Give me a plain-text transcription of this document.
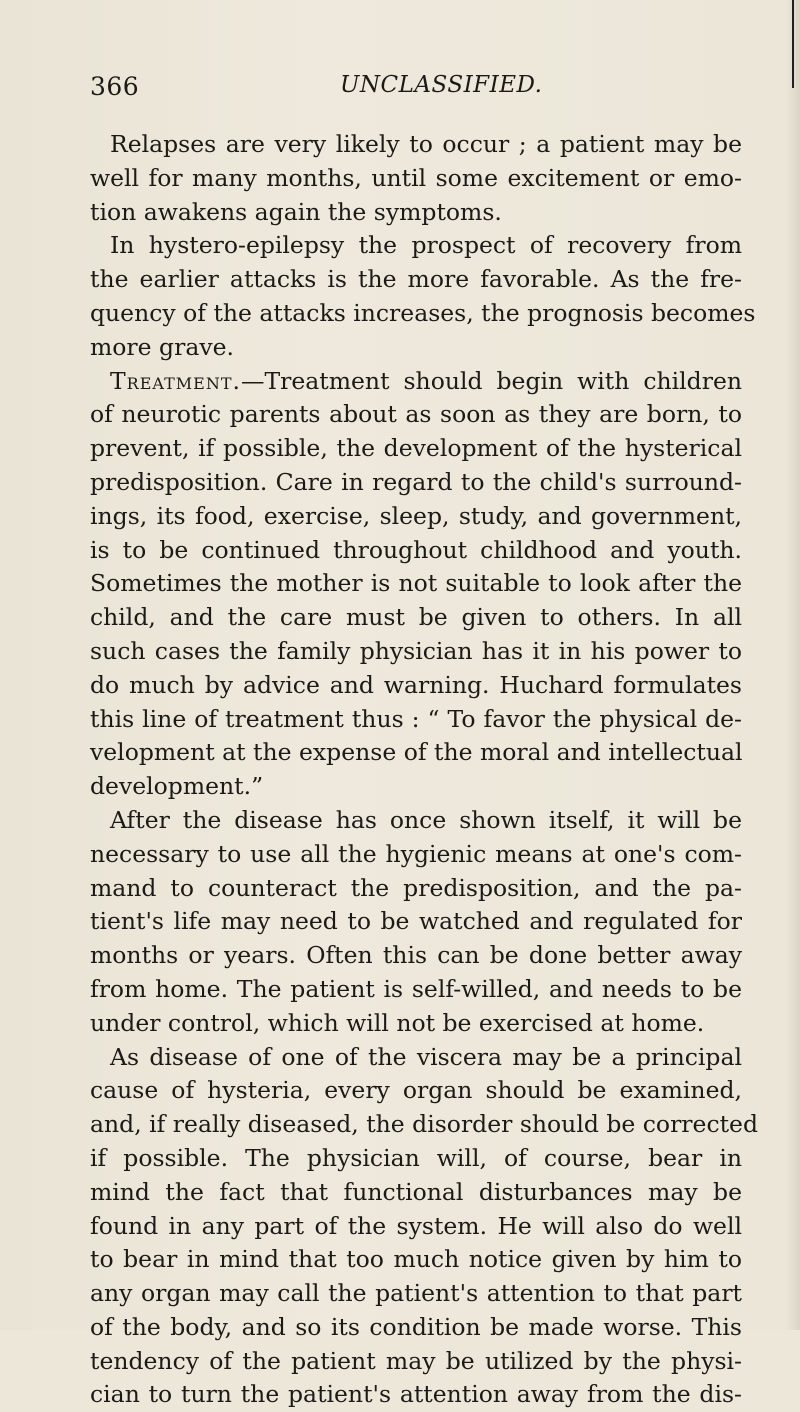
366	UNCLASSIFIED.
Relapses are very likely to occur ; a patient may be
well for many months, until some excitement or emo-
tion awakens again the symptoms.
In hystero-epilepsy the prospect of recovery from
the earlier attacks is the more favorable. As the fre-
quency of the attacks increases, the prognosis becomes
more grave.
Treatment.—Treatment should begin with children
of neurotic parents about as soon as they are born, to
prevent, if possible, the development of the hysterical
predisposition. Care in regard to the child's surround-
ings, its food, exercise, sleep, study, and government,
is to be continued throughout childhood and youth.
Sometimes the mother is not suitable to look after the
child, and the care must be given to others. In all
such cases the family physician has it in his power to
do much by advice and warning. Huchard formulates
this line of treatment thus : “ To favor the physical de-
velopment at the expense of the moral and intellectual
development.”
After the disease has once shown itself, it will be
necessary to use all the hygienic means at one's com-
mand to counteract the predisposition, and the pa-
tient's life may need to be watched and regulated for
months or years. Often this can be done better away
from home. The patient is self-willed, and needs to be
under control, which will not be exercised at home.
As disease of one of the viscera may be a principal
cause of hysteria, every organ should be examined,
and, if really diseased, the disorder should be corrected
if possible. The physician will, of course, bear in
mind the fact that functional disturbances may be
found in any part of the system. He will also do well
to bear in mind that too much notice given by him to
any organ may call the patient's attention to that part
of the body, and so its condition be made worse. This
tendency of the patient may be utilized by the physi-
cian to turn the patient's attention away from the dis-
